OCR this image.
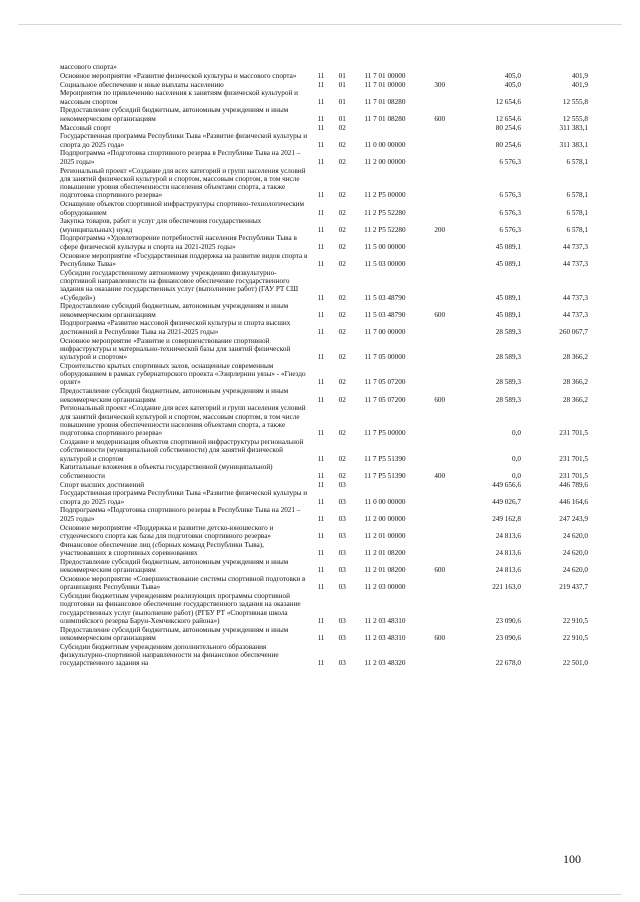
массового спорта»						
Основное мероприятие «Развитие физической культуры и массового спорта»	11	01	11 7 01 00000		405,0	401,9
Социальное обеспечение и иные выплаты населению	11	01	11 7 01 00000	300	405,0	401,9
Мероприятия по привлечению населения к занятиям физической культурой и массовым спортом	11	01	11 7 01 08280		12 654,6	12 555,8
Предоставление субсидий бюджетным, автономным учреждениям и иным некоммерческим организациям	11	01	11 7 01 08280	600	12 654,6	12 555,8
Массовый спорт	11	02			80 254,6	311 383,1
Государственная программа Республики Тыва «Развитие физической культуры и спорта до 2025 года»	11	02	11 0 00 00000		80 254,6	311 383,1
Подпрограмма «Подготовка спортивного резерва в Республике Тыва на 2021 – 2025 годы»	11	02	11 2 00 00000		6 576,3	6 578,1
Региональный проект «Создание для всех категорий и групп населения условий для занятий физической культурой и спортом, массовым спортом, в том числе повышение уровня обеспеченности населения объектами спорта, а также подготовка спортивного резерва»	11	02	11 2 P5 00000		6 576,3	6 578,1
Оснащение объектов спортивной инфраструктуры спортивно-технологическим оборудованием	11	02	11 2 P5 52280		6 576,3	6 578,1
Закупка товаров, работ и услуг для обеспечения государственных (муниципальных) нужд	11	02	11 2 P5 52280	200	6 576,3	6 578,1
Подпрограмма «Удовлетворение потребностей населения Республики Тыва в сфере физической культуры и спорта на 2021-2025 годы»	11	02	11 5 00 00000		45 089,1	44 737,3
Основное мероприятие «Государственная поддержка на развитие видов спорта в Республике Тыва»	11	02	11 5 03 00000		45 089,1	44 737,3
Субсидии государственному автономному учреждению физкультурно-спортивной направленности на финансовое обеспечение государственного задания на оказание государственных услуг (выполнение работ) (ГАУ РТ СШ «Субедей»)	11	02	11 5 03 48790		45 089,1	44 737,3
Предоставление субсидий бюджетным, автономным учреждениям и иным некоммерческим организациям	11	02	11 5 03 48790	600	45 089,1	44 737,3
Подпрограмма «Развитие массовой физической культуры и спорта высших достижений в Республике Тыва на 2021-2025 годы»	11	02	11 7 00 00000		28 589,3	260 067,7
Основное мероприятие «Развитие и совершенствование спортивной инфраструктуры и материально-технической базы для занятий физической культурой и спортом»	11	02	11 7 05 00000		28 589,3	28 366,2
Строительство крытых спортивных залов, оснащенные современным оборудованием в рамках губернаторского проекта «Эзирлернин уязы» - «Гнездо орлят»	11	02	11 7 05 07200		28 589,3	28 366,2
Предоставление субсидий бюджетным, автономным учреждениям и иным некоммерческим организациям	11	02	11 7 05 07200	600	28 589,3	28 366,2
Региональный проект «Создание для всех категорий и групп населения условий для занятий физической культурой и спортом, массовым спортом, в том числе повышение уровня обеспеченности населения объектами спорта, а также подготовка спортивного резерва»	11	02	11 7 P5 00000		0,0	231 701,5
Создание и модернизация объектов спортивной инфраструктуры региональной собственности (муниципальной собственности) для занятий физической культурой и спортом	11	02	11 7 P5 51390		0,0	231 701,5
Капитальные вложения в объекты государственной (муниципальной) собственности	11	02	11 7 P5 51390	400	0,0	231 701,5
Спорт высших достижений	11	03			449 656,6	446 789,6
Государственная программа Республики Тыва «Развитие физической культуры и спорта до 2025 года»	11	03	11 0 00 00000		449 026,7	446 164,6
Подпрограмма «Подготовка спортивного резерва в Республике Тыва на 2021 – 2025 годы»	11	03	11 2 00 00000		249 162,8	247 243,9
Основное мероприятие «Поддержка и развитие детско-юношеского и студенческого спорта как базы для подготовки спортивного резерва»	11	03	11 2 01 00000		24 813,6	24 620,0
Финансовое обеспечение лиц (сборных команд Республики Тыва), участвовавших в спортивных соревнованиях	11	03	11 2 01 08200		24 813,6	24 620,0
Предоставление субсидий бюджетным, автономным учреждениям и иным некоммерческим организациям	11	03	11 2 01 08200	600	24 813,6	24 620,0
Основное мероприятие «Совершенствование системы спортивной подготовки в организациях Республики Тыва»	11	03	11 2 03 00000		221 163,0	219 437,7
Субсидии бюджетным учреждениям реализующих программы спортивной подготовки на финансовое обеспечение государственного задания на оказание государственных услуг (выполнение работ) (РГБУ РТ «Спортивная школа олимпийского резерва Барун-Хемчикского района»)	11	03	11 2 03 48310		23 090,6	22 910,5
Предоставление субсидий бюджетным, автономным учреждениям и иным некоммерческим организациям	11	03	11 2 03 48310	600	23 090,6	22 910,5
Субсидии бюджетным учреждениям дополнительного образования физкультурно-спортивной направленности на финансовое обеспечение государственного задания на	11	03	11 2 03 48320		22 678,0	22 501,0
100
